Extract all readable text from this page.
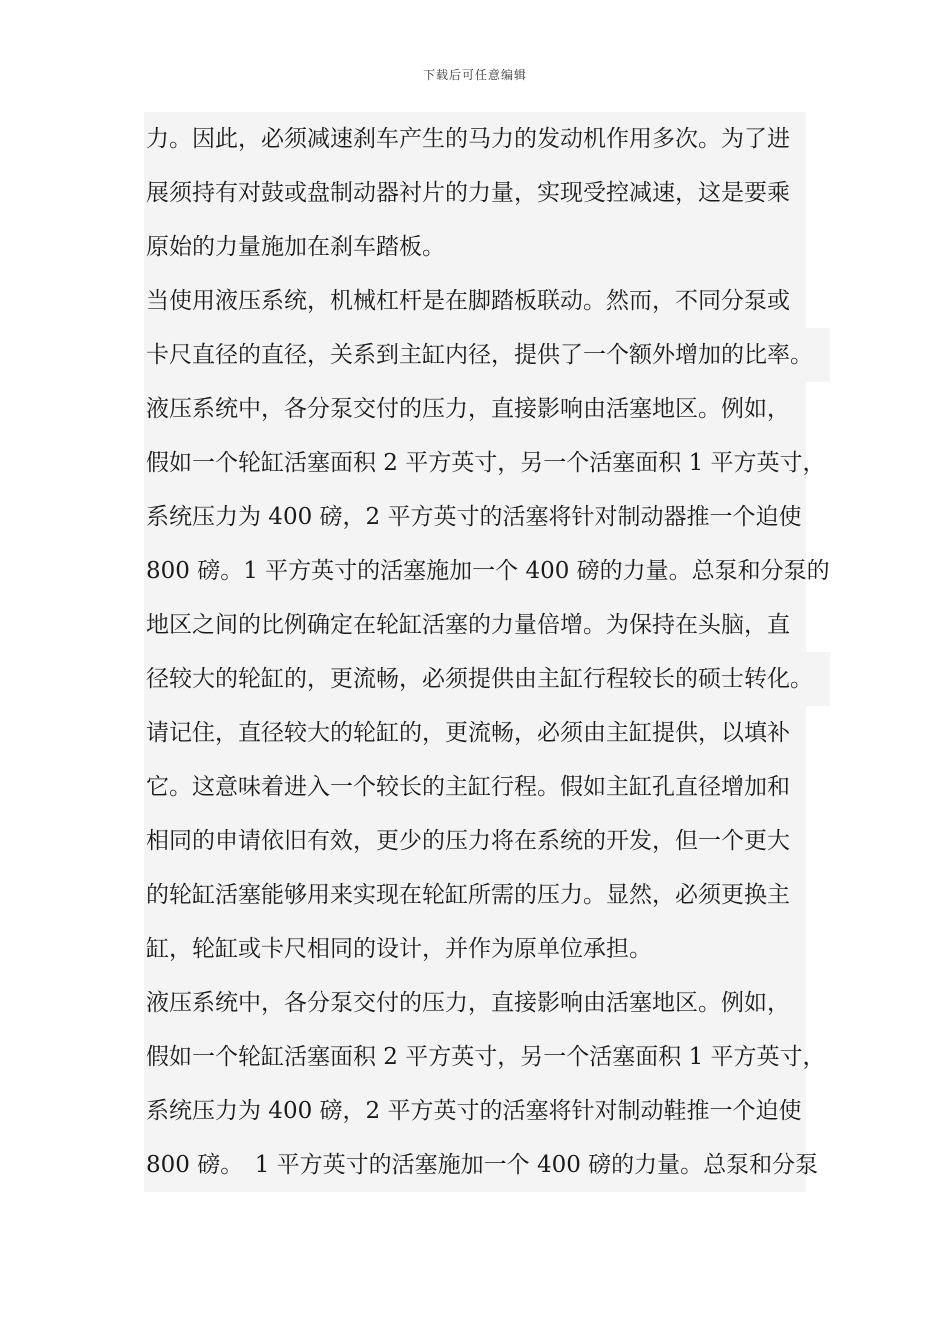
下载后可任意编辑
力。因此，必须减速刹车产生的马力的发动机作用多次。为了进
展须持有对鼓或盘制动器衬片的力量，实现受控减速，这是要乘
原始的力量施加在刹车踏板。
当使用液压系统，机械杠杆是在脚踏板联动。然而，不同分泵或
卡尺直径的直径，关系到主缸内径，提供了一个额外增加的比率。
液压系统中，各分泵交付的压力，直接影响由活塞地区。例如，
假如一个轮缸活塞面积 2 平方英寸，另一个活塞面积 1 平方英寸，
系统压力为 400 磅，2 平方英寸的活塞将针对制动器推一个迫使
800 磅。1 平方英寸的活塞施加一个 400 磅的力量。总泵和分泵的
地区之间的比例确定在轮缸活塞的力量倍增。为保持在头脑，直
径较大的轮缸的，更流畅，必须提供由主缸行程较长的硕士转化。
请记住，直径较大的轮缸的，更流畅，必须由主缸提供，以填补
它。这意味着进入一个较长的主缸行程。假如主缸孔直径增加和
相同的申请依旧有效，更少的压力将在系统的开发，但一个更大
的轮缸活塞能够用来实现在轮缸所需的压力。显然，必须更换主
缸，轮缸或卡尺相同的设计，并作为原单位承担。
液压系统中，各分泵交付的压力，直接影响由活塞地区。例如，
假如一个轮缸活塞面积 2 平方英寸，另一个活塞面积 1 平方英寸，
系统压力为 400 磅，2 平方英寸的活塞将针对制动鞋推一个迫使
800 磅。　1 平方英寸的活塞施加一个 400 磅的力量。总泵和分泵
